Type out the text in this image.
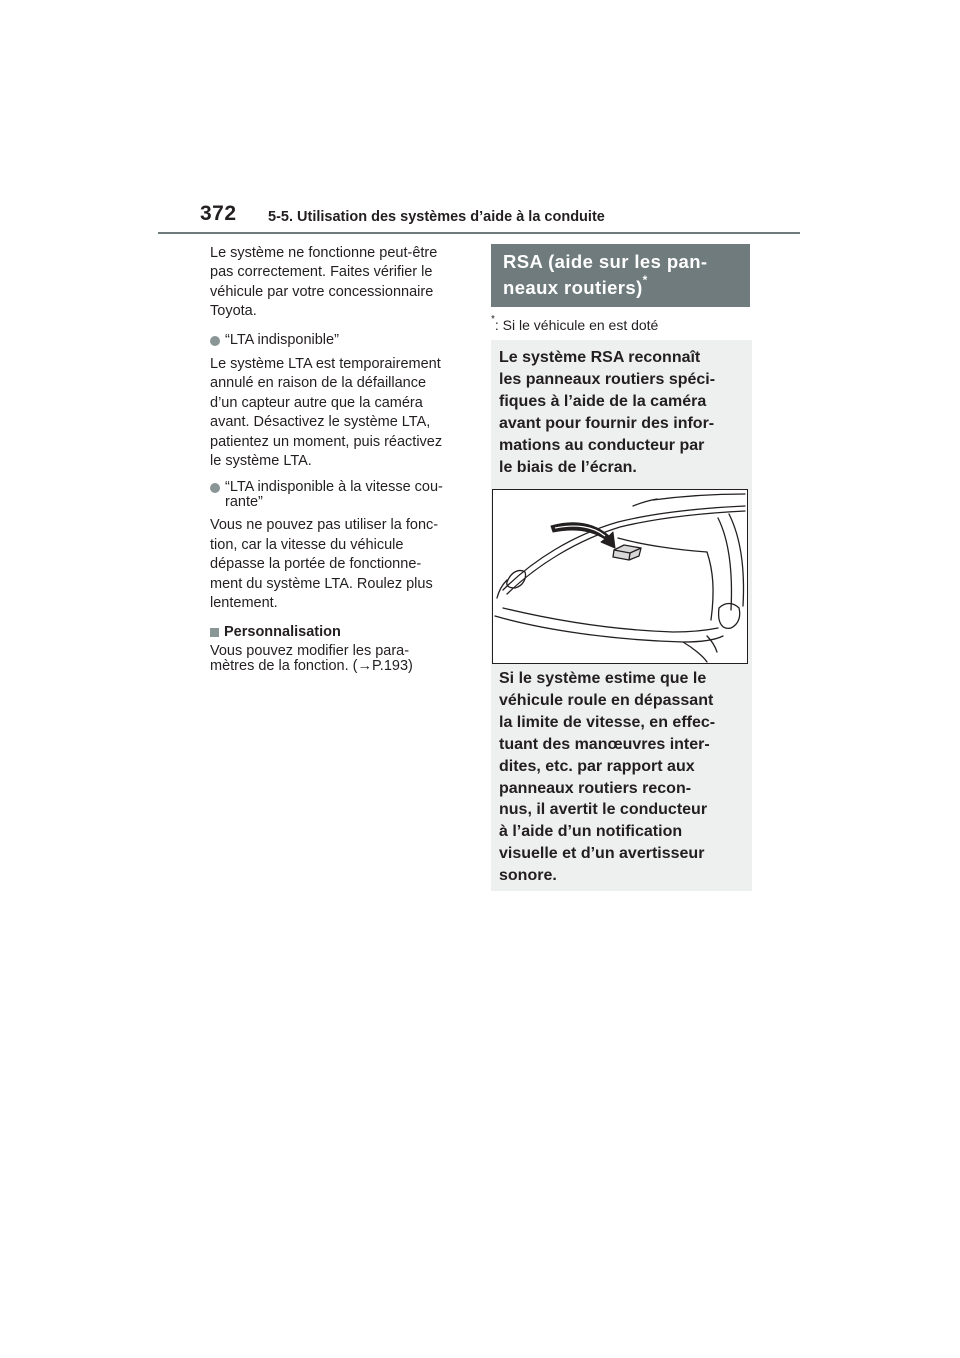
372 5-5. Utilisation des systèmes d’aide à la conduite

Le système ne fonctionne peut-être

pas correctement. Faites vérifier le

véhicule par votre concessionnaire

Toyota.

“LTA indisponible”

Le système LTA est temporairement

annulé en raison de la défaillance

d’un capteur autre que la caméra

avant. Désactivez le système LTA,

patientez un moment, puis réactivez

le système LTA.

“LTA indisponible à la vitesse cou-
rante”

Vous ne pouvez pas utiliser la fonc-

tion, car la vitesse du véhicule

dépasse la portée de fonctionne-

ment du système LTA. Roulez plus

lentement.

Personnalisation

Vous pouvez modifier les para-

mètres de la fonction. (→P.193)

RSA (aide sur les pan-
neaux routiers)*
*: Si le véhicule en est doté
Le système RSA reconnaît
les panneaux routiers spéci-
fiques à l’aide de la caméra
avant pour fournir des infor-
mations au conducteur par
le biais de l’écran.
Si le système estime que le
véhicule roule en dépassant
la limite de vitesse, en effec-
tuant des manœuvres inter-
dites, etc. par rapport aux
panneaux routiers recon-
nus, il avertit le conducteur
à l’aide d’un notification
visuelle et d’un avertisseur
sonore.
